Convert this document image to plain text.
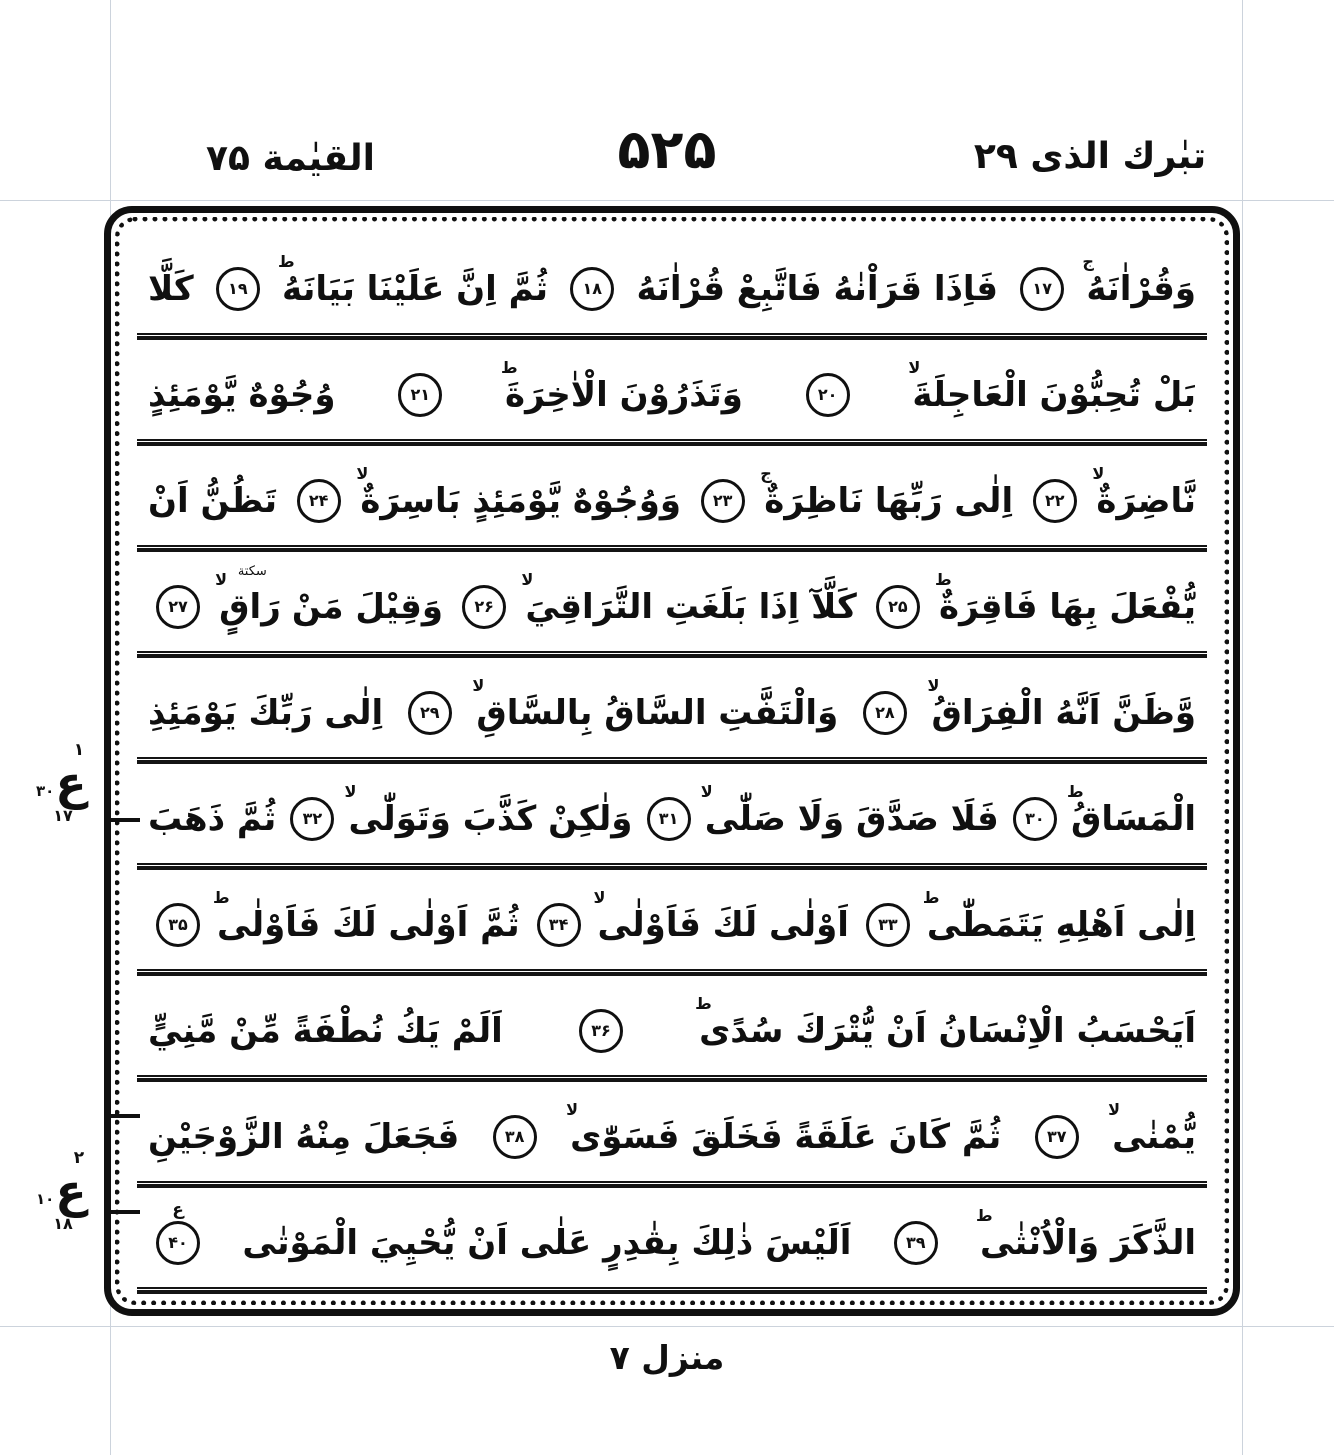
القيٰمة ۷۵	۵۲۵	تبٰرك الذى ۲۹
وَقُرْاٰنَهُ
ج
۱۷
فَاِذَا قَرَاْنٰهُ فَاتَّبِعْ قُرْاٰنَهُ
۱۸
ثُمَّ اِنَّ عَلَيْنَا بَيَانَهُ
ط
۱۹
كَلَّا
بَلْ تُحِبُّوْنَ الْعَاجِلَةَ
لا
۲۰
وَتَذَرُوْنَ الْاٰخِرَةَ
ط
۲۱
وُجُوْهٌ يَّوْمَئِذٍ
نَّاضِرَةٌ
لا
۲۲
اِلٰى رَبِّهَا نَاظِرَةٌ
ج
۲۳
وَوُجُوْهٌ يَّوْمَئِذٍ بَاسِرَةٌ
لا
۲۴
تَظُنُّ اَنْ
يُّفْعَلَ بِهَا فَاقِرَةٌ
ط
۲۵
كَلَّآ اِذَا بَلَغَتِ التَّرَاقِيَ
لا
۲۶
وَقِيْلَ مَنْ
رَاقٍ
لا سكتة
۲۷
وَّظَنَّ اَنَّهُ الْفِرَاقُ
لا
۲۸
وَالْتَفَّتِ السَّاقُ بِالسَّاقِ
لا
۲۹
اِلٰى رَبِّكَ يَوْمَئِذِ
الْمَسَاقُ
ط
۳۰
فَلَا صَدَّقَ وَلَا صَلّٰى
لا
۳۱
وَلٰكِنْ كَذَّبَ وَتَوَلّٰى
لا
۳۲
ثُمَّ ذَهَبَ
اِلٰى اَهْلِهِ يَتَمَطّٰى
ط
۳۳
اَوْلٰى لَكَ فَاَوْلٰى
لا
۳۴
ثُمَّ اَوْلٰى لَكَ فَاَوْلٰى
ط
۳۵
اَيَحْسَبُ الْاِنْسَانُ اَنْ يُّتْرَكَ سُدًى
ط
۳۶
اَلَمْ يَكُ نُطْفَةً مِّنْ مَّنِيٍّ
يُّمْنٰى
لا
۳۷
ثُمَّ كَانَ عَلَقَةً فَخَلَقَ فَسَوّٰى
لا
۳۸
فَجَعَلَ مِنْهُ الزَّوْجَيْنِ
الذَّكَرَ وَالْاُنْثٰى
ط
۳۹
اَلَيْسَ ذٰلِكَ بِقٰدِرٍ عَلٰى اَنْ يُّحْيِيَ الْمَوْتٰى
۴۰
ع
۱
ع
۳۰
۱۷
۲
ع
۱۰
۱۸
منزل ۷
